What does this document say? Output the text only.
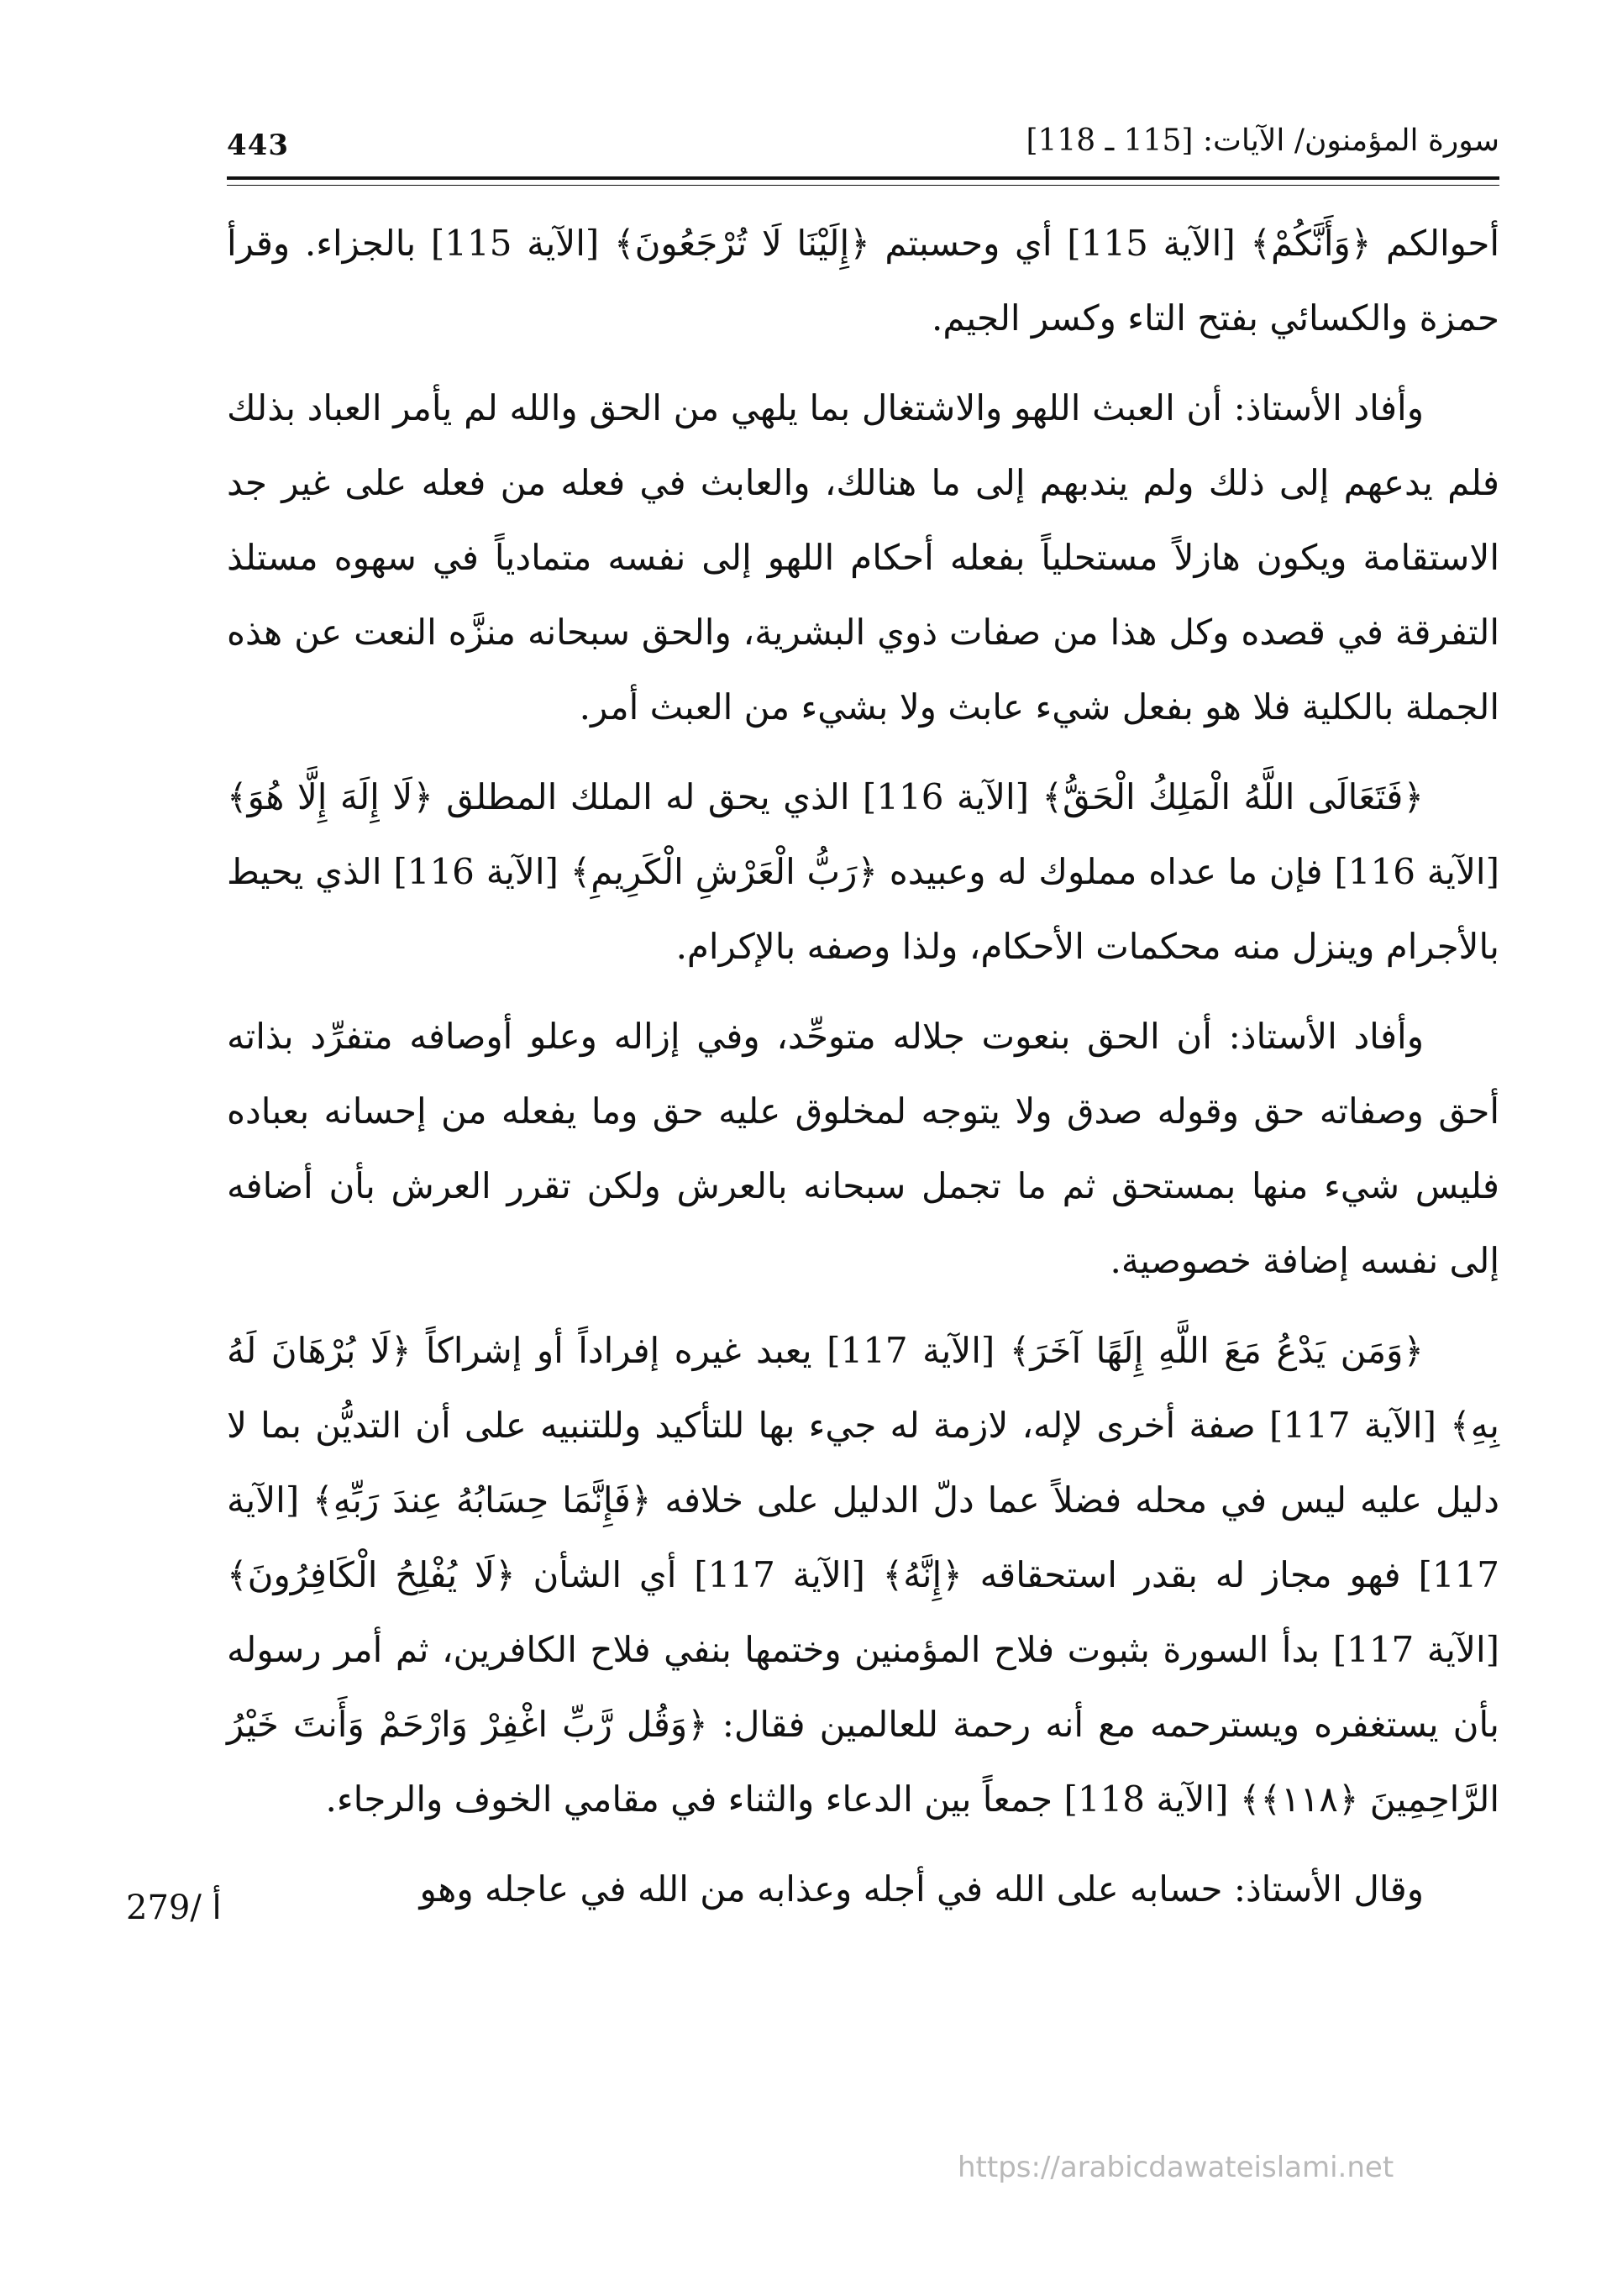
443	سورة المؤمنون/ الآيات: [115 ـ 118]

أحوالكم ﴿وَأَنَّكُمْ﴾ [الآية 115] أي وحسبتم ﴿إِلَيْنَا لَا تُرْجَعُونَ﴾ [الآية 115] بالجزاء. وقرأ حمزة والكسائي بفتح التاء وكسر الجيم.

وأفاد الأستاذ: أن العبث اللهو والاشتغال بما يلهي من الحق والله لم يأمر العباد بذلك فلم يدعهم إلى ذلك ولم يندبهم إلى ما هنالك، والعابث في فعله من فعله على غير جد الاستقامة ويكون هازلاً مستحلياً بفعله أحكام اللهو إلى نفسه متمادياً في سهوه مستلذ التفرقة في قصده وكل هذا من صفات ذوي البشرية، والحق سبحانه منزَّه النعت عن هذه الجملة بالكلية فلا هو بفعل شيء عابث ولا بشيء من العبث أمر.

﴿فَتَعَالَى اللَّهُ الْمَلِكُ الْحَقُّ﴾ [الآية 116] الذي يحق له الملك المطلق ﴿لَا إِلَهَ إِلَّا هُوَ﴾ [الآية 116] فإن ما عداه مملوك له وعبيده ﴿رَبُّ الْعَرْشِ الْكَرِيمِ﴾ [الآية 116] الذي يحيط بالأجرام وينزل منه محكمات الأحكام، ولذا وصفه بالإكرام.

وأفاد الأستاذ: أن الحق بنعوت جلاله متوحِّد، وفي إزاله وعلو أوصافه متفرِّد بذاته أحق وصفاته حق وقوله صدق ولا يتوجه لمخلوق عليه حق وما يفعله من إحسانه بعباده فليس شيء منها بمستحق ثم ما تجمل سبحانه بالعرش ولكن تقرر العرش بأن أضافه إلى نفسه إضافة خصوصية.

﴿وَمَن يَدْعُ مَعَ اللَّهِ إِلَهًا آخَرَ﴾ [الآية 117] يعبد غيره إفراداً أو إشراكاً ﴿لَا بُرْهَانَ لَهُ بِهِ﴾ [الآية 117] صفة أخرى لإله، لازمة له جيء بها للتأكيد وللتنبيه على أن التديُّن بما لا دليل عليه ليس في محله فضلاً عما دلّ الدليل على خلافه ﴿فَإِنَّمَا حِسَابُهُ عِندَ رَبِّهِ﴾ [الآية 117] فهو مجاز له بقدر استحقاقه ﴿إِنَّهُ﴾ [الآية 117] أي الشأن ﴿لَا يُفْلِحُ الْكَافِرُونَ﴾ [الآية 117] بدأ السورة بثبوت فلاح المؤمنين وختمها بنفي فلاح الكافرين، ثم أمر رسوله بأن يستغفره ويسترحمه مع أنه رحمة للعالمين فقال: ﴿وَقُل رَّبِّ اغْفِرْ وَارْحَمْ وَأَنتَ خَيْرُ الرَّاحِمِينَ ﴿١١٨﴾﴾ [الآية 118] جمعاً بين الدعاء والثناء في مقامي الخوف والرجاء.

وقال الأستاذ: حسابه على الله في أجله وعذابه من الله في عاجله وهو

279/ أ
https://arabicdawateislami.net
